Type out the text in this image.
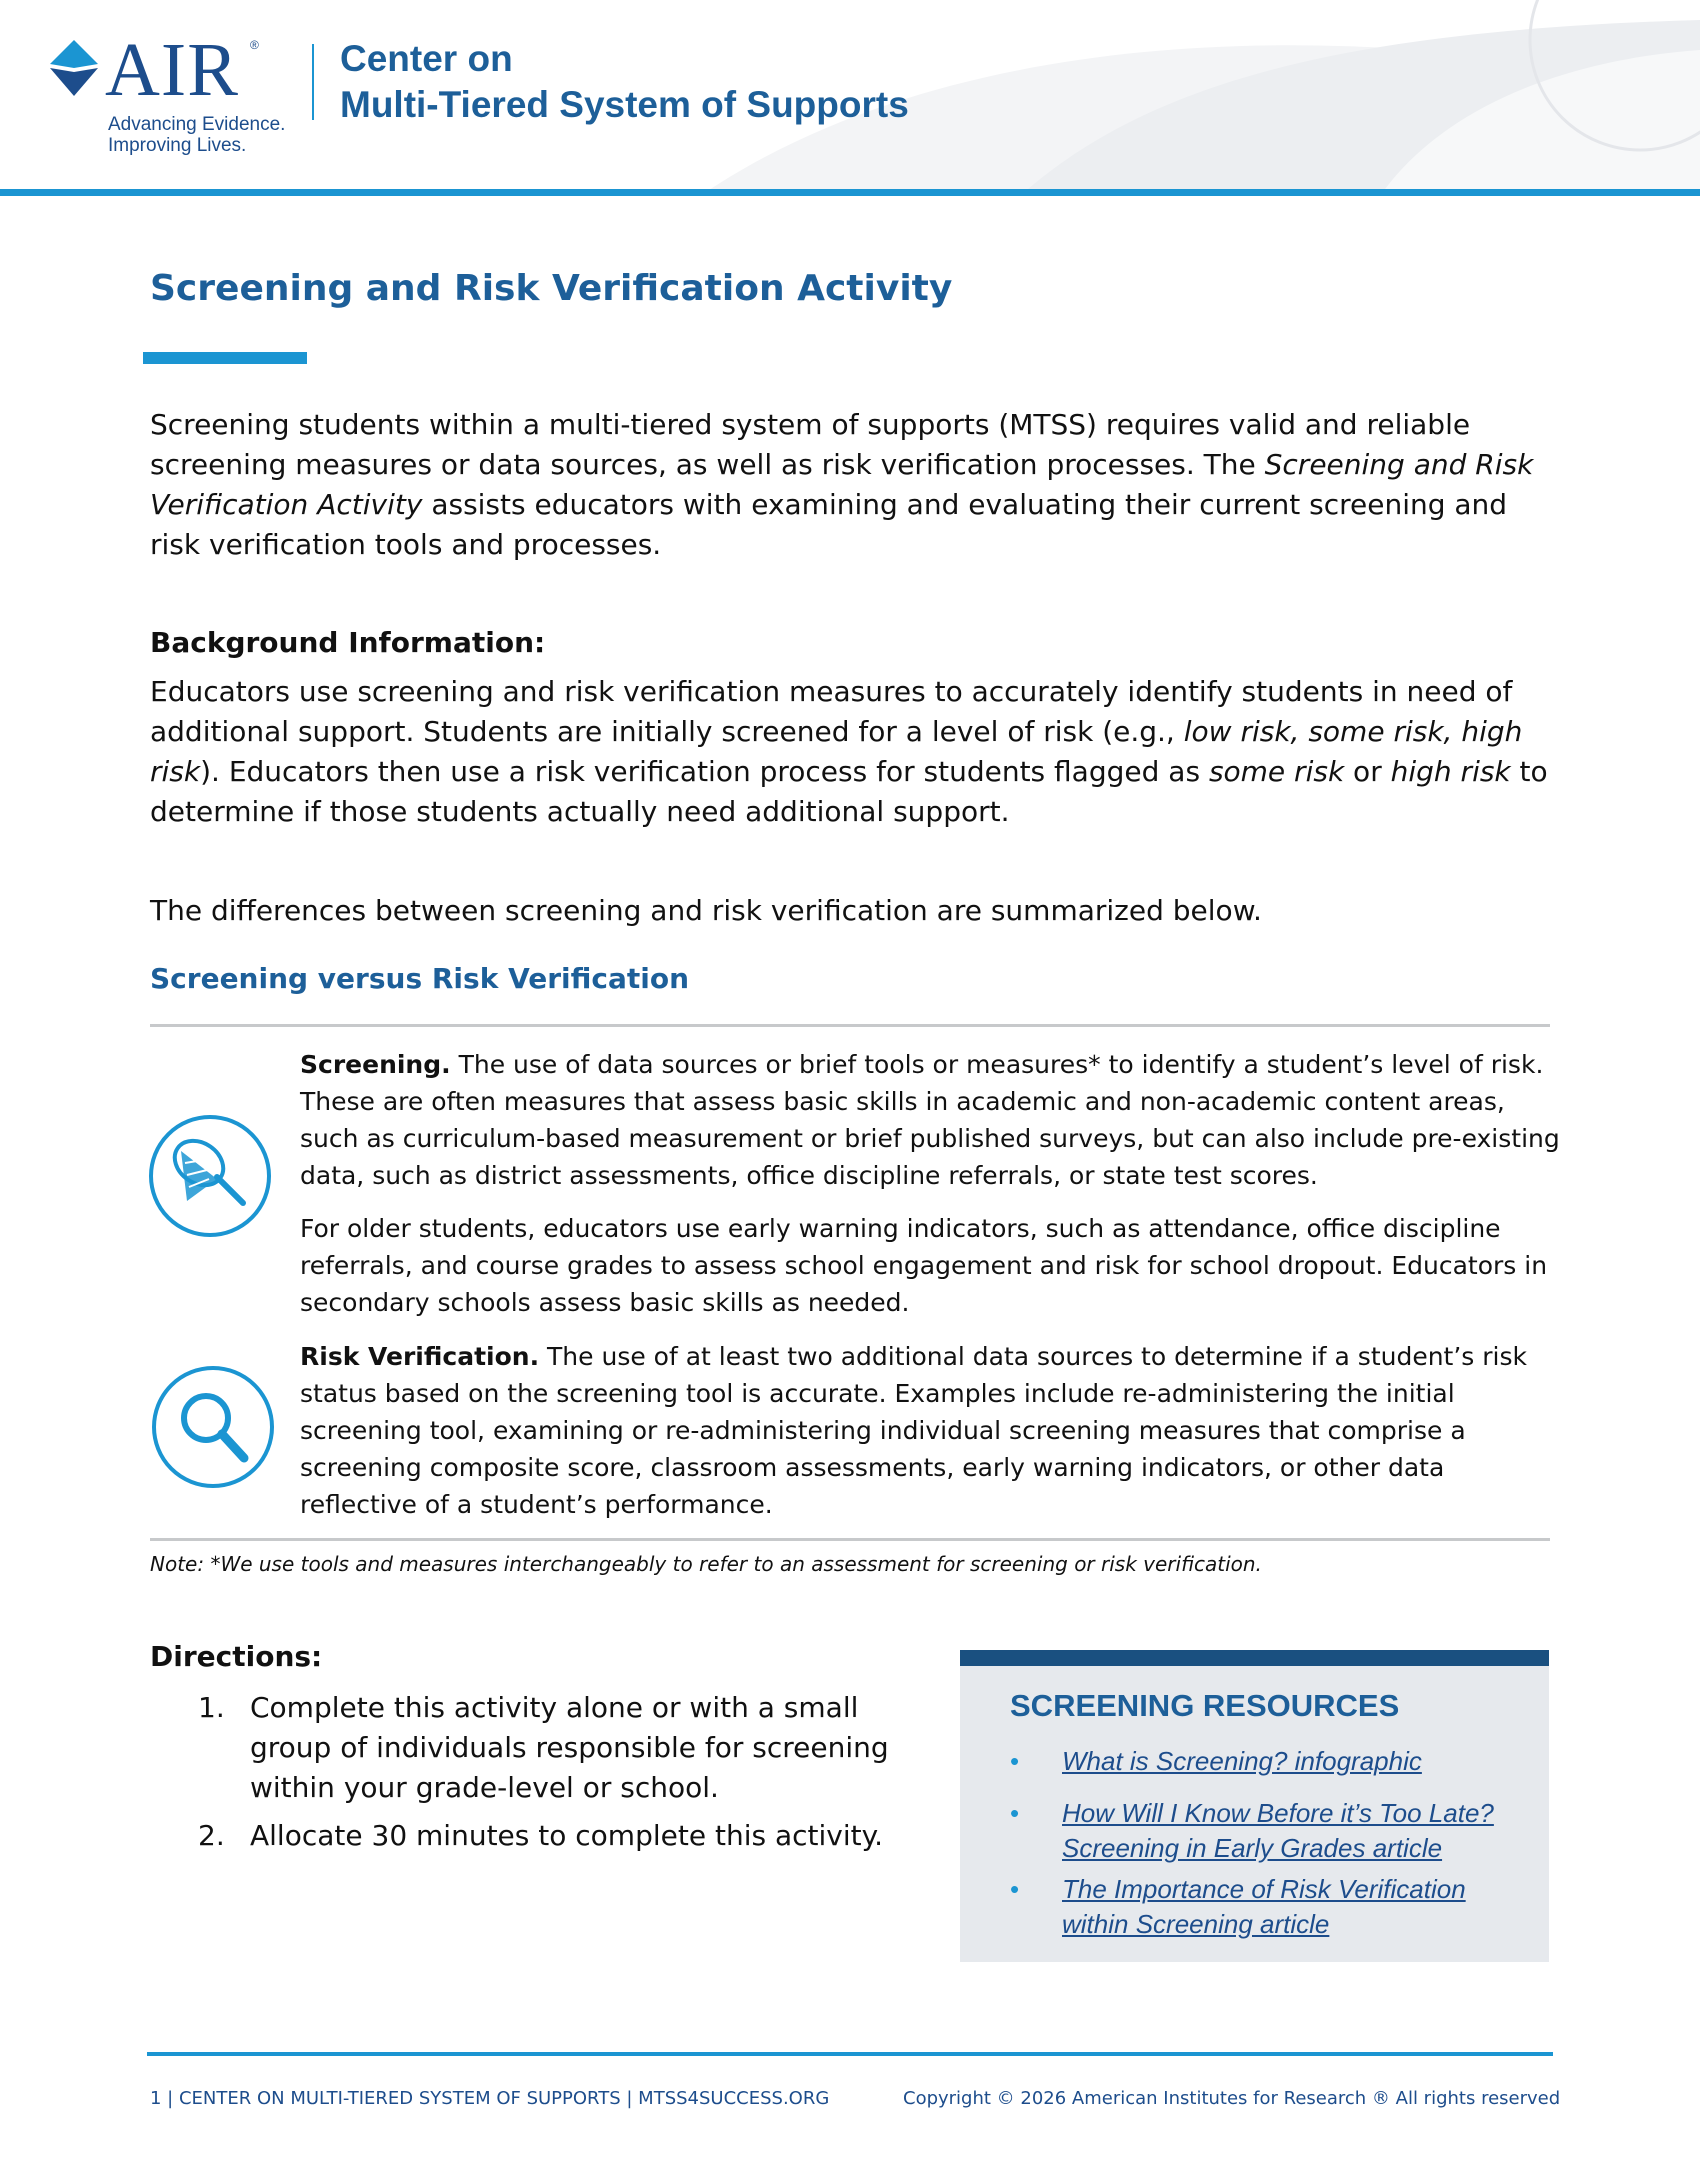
AIR ®
Advancing Evidence.
Improving Lives.
Center on
Multi-Tiered System of Supports
Screening and Risk Verification Activity

Screening students within a multi-tiered system of supports (MTSS) requires valid and reliable screening measures or data sources, as well as risk verification processes. The Screening and Risk Verification Activity assists educators with examining and evaluating their current screening and risk verification tools and processes.

Background Information:

Educators use screening and risk verification measures to accurately identify students in need of additional support. Students are initially screened for a level of risk (e.g., low risk, some risk, high risk). Educators then use a risk verification process for students flagged as some risk or high risk to determine if those students actually need additional support.

The differences between screening and risk verification are summarized below.

Screening versus Risk Verification

Screening. The use of data sources or brief tools or measures* to identify a student’s level of risk. These are often measures that assess basic skills in academic and non-academic content areas, such as curriculum-based measurement or brief published surveys, but can also include pre-existing data, such as district assessments, office discipline referrals, or state test scores.

For older students, educators use early warning indicators, such as attendance, office discipline referrals, and course grades to assess school engagement and risk for school dropout. Educators in secondary schools assess basic skills as needed.

Risk Verification. The use of at least two additional data sources to determine if a student’s risk status based on the screening tool is accurate. Examples include re-administering the initial screening tool, examining or re-administering individual screening measures that comprise a screening composite score, classroom assessments, early warning indicators, or other data reflective of a student’s performance.

Note: *We use tools and measures interchangeably to refer to an assessment for screening or risk verification.

Directions:
1. Complete this activity alone or with a small group of individuals responsible for screening within your grade-level or school.
2. Allocate 30 minutes to complete this activity.
SCREENING RESOURCES
• What is Screening? infographic
• How Will I Know Before it’s Too Late? Screening in Early Grades article
• The Importance of Risk Verification within Screening article
1 | CENTER ON MULTI-TIERED SYSTEM OF SUPPORTS | MTSS4SUCCESS.ORG	Copyright © 2026 American Institutes for Research ® All rights reserved
